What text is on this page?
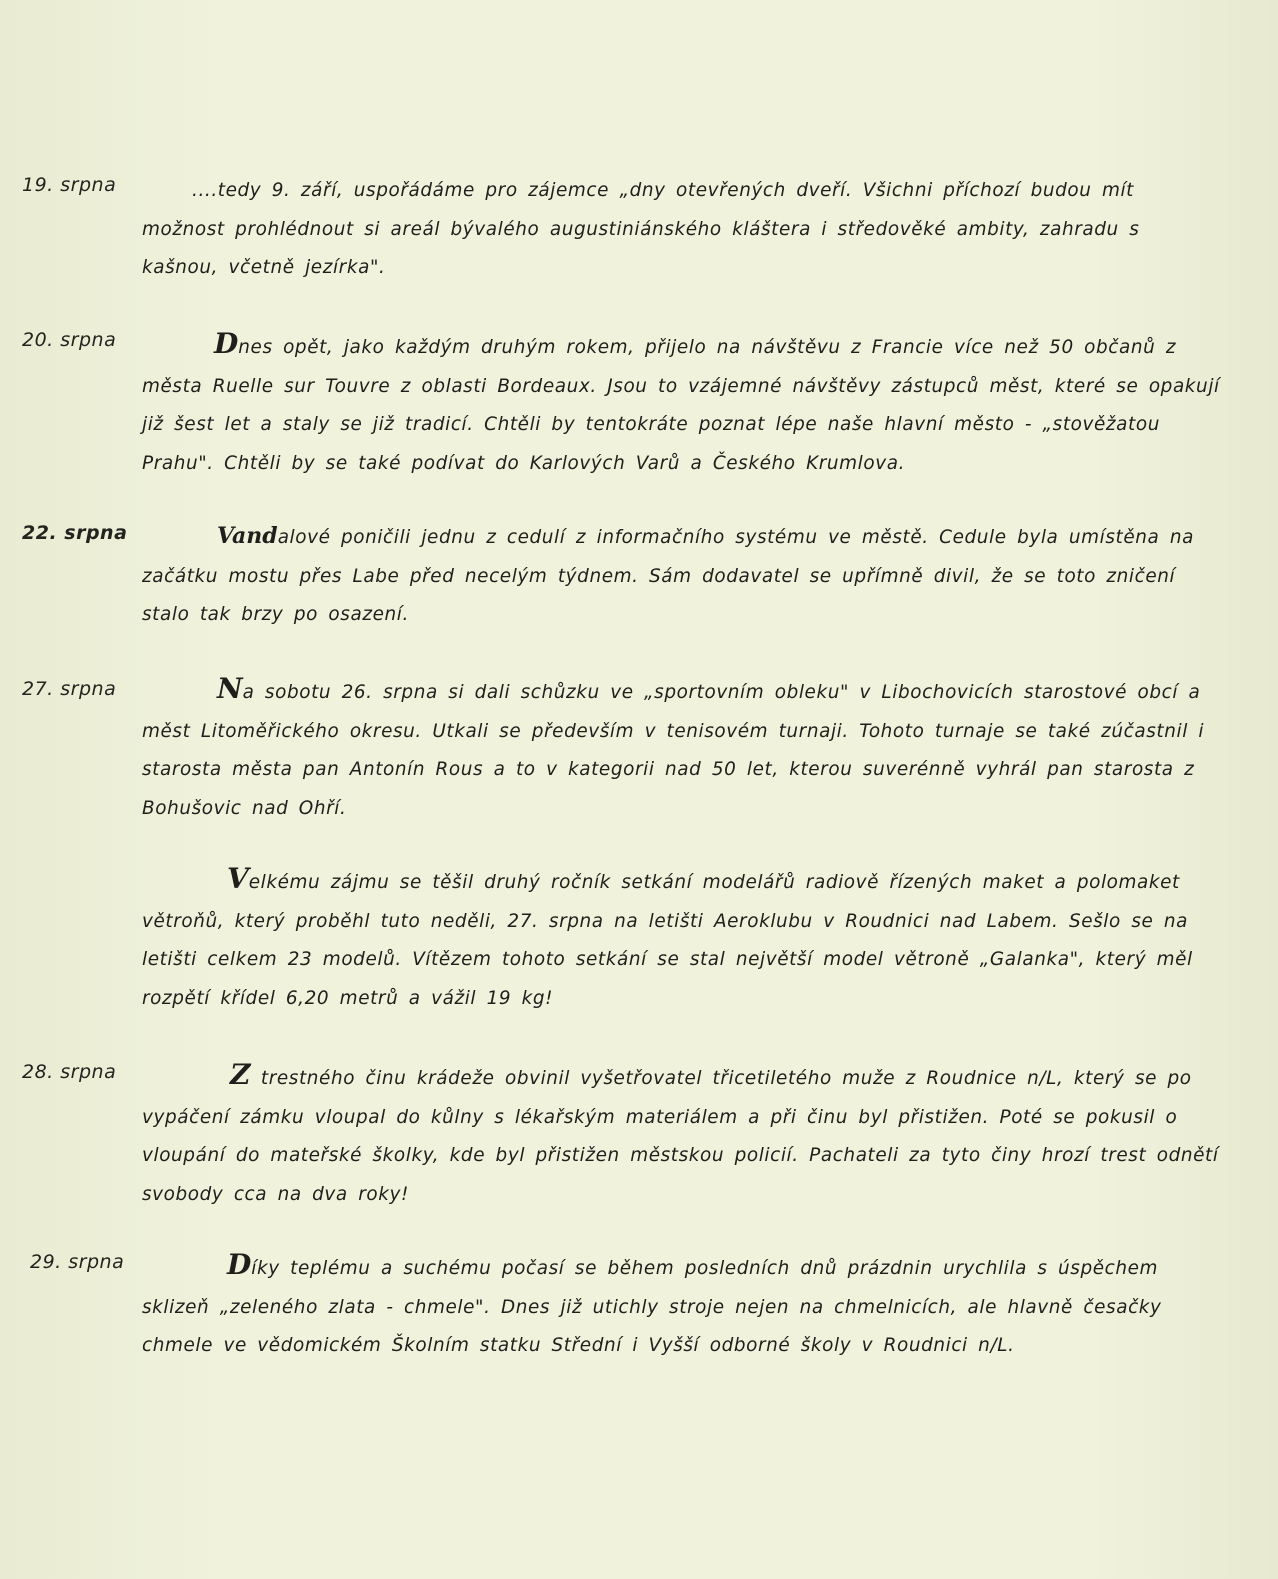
19. srpna	....tedy 9. září, uspořádáme pro zájemce „dny otevřených dveří. Všichni příchozí budou mít možnost prohlédnout si areál bývalého augustiniánského kláštera i středověké ambity, zahradu s kašnou, včetně jezírka".
20. srpna	Dnes opět, jako každým druhým rokem, přijelo na návštěvu z Francie více než 50 občanů z města Ruelle sur Touvre z oblasti Bordeaux. Jsou to vzájemné návštěvy zástupců měst, které se opakují již šest let a staly se již tradicí. Chtěli by tentokráte poznat lépe naše hlavní město - „stověžatou Prahu". Chtěli by se také podívat do Karlových Varů a Českého Krumlova.
22. srpna	Vandalové poničili jednu z cedulí z informačního systému ve městě. Cedule byla umístěna na začátku mostu přes Labe před necelým týdnem. Sám dodavatel se upřímně divil, že se toto zničení stalo tak brzy po osazení.
27. srpna	Na sobotu 26. srpna si dali schůzku ve „sportovním obleku" v Libochovicích starostové obcí a měst Litoměřického okresu. Utkali se především v tenisovém turnaji. Tohoto turnaje se také zúčastnil i starosta města pan Antonín Rous a to v kategorii nad 50 let, kterou suverénně vyhrál pan starosta z Bohušovic nad Ohří.
Velkému zájmu se těšil druhý ročník setkání modelářů radiově řízených maket a polomaket větroňů, který proběhl tuto neděli, 27. srpna na letišti Aeroklubu v Roudnici nad Labem. Sešlo se na letišti celkem 23 modelů. Vítězem tohoto setkání se stal největší model větroně „Galanka", který měl rozpětí křídel 6,20 metrů a vážil 19 kg!
28. srpna	Z trestného činu krádeže obvinil vyšetřovatel třicetiletého muže z Roudnice n/L, který se po vypáčení zámku vloupal do kůlny s lékařským materiálem a při činu byl přistižen. Poté se pokusil o vloupání do mateřské školky, kde byl přistižen městskou policií. Pachateli za tyto činy hrozí trest odnětí svobody cca na dva roky!
29. srpna	Díky teplému a suchému počasí se během posledních dnů prázdnin urychlila s úspěchem sklizeň „zeleného zlata - chmele". Dnes již utichly stroje nejen na chmelnicích, ale hlavně česačky chmele ve vědomickém Školním statku Střední i Vyšší odborné školy v Roudnici n/L.
